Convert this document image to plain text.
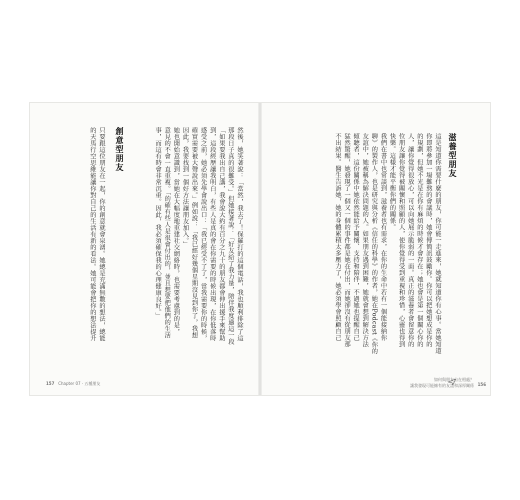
然後，她笑著說：「當然，我去了！保羅打的這個電話，我也順利排除了這
那段日子真的很難受。」但她接著說：「好友給了我力量，陪伴我度過這一段
「如果要我出自己講，我會說大約有百分之九十的朋友都會伸出援手來幫助
到，這段經歷讓我明白，有些人是真的會在你需要的時候出現，在你低落時
感受之前，她必須先學會說出口：「我已經受不了了，當我需要你的時候，
確實需要被大聲說出來。」例如說：「我已經好幾個星期沒見到你了，我想
因此，我要找到一個好方法讓朋友加入。」
她也開始意識到，當她在大幅度地重建社交網絡時，也需要考慮到的是，
意見的不會一直重複。「的確有些人是很會付出的，並且想要把他們的生活
事，而這有時會非常沉重。因此，我必須確保我的心理健康良好。」
創意型朋友
只要跟這位朋友在一起，你的創意就會泉湧。她總是充滿無數的想法，總能
的天馬行空思維能讓你對自己的生活有新的看法。她可能會把你的想法提升
157 Chapter 07 · 五種朋友
滋養型朋友
這是知道你需要什麼的朋友，你可能一走進來，她就知道你有心事。當她知道
你即將參加一場難熬的會議時，她會傳簡訊鼓勵你。你可以把她想成是你的
的規劃，但她不光是在你有麻煩的時候才會存在；她也會是第一個關心你的
人，讓你覺得很放心，可以向她展示脆弱的一面。真正的滋養者會留意你的
位朋友讓你覺得被關懷和照顧的人，使你覺得受到重視和珍惜，心靈也得到
快樂。這樣才能平衡你們的關係。
我們在書中也常談到，滋養者也有需求，在你的生命中若有一個能接納你
聊》的製作人，也是研究與分析《信任的科學》的作者，她在Podcast《你的
友誼中，她被稱為解決問題的人。如果朋友遇到困難，她就會想到解決方法
傾聽者，這份關係中她依然能給予關懷、支持和陪伴，不過她也提醒自己
猛然驚醒，她發現了一個又一個的事件都是她在付出，而她卻沒有從朋友那
不出結果。醫生告訴她，她的身體累積太多壓力了，她必須學會照顧自己
如何與朋友自在相處？
讓我發現可能擁有的友誼和深厚關係 156
